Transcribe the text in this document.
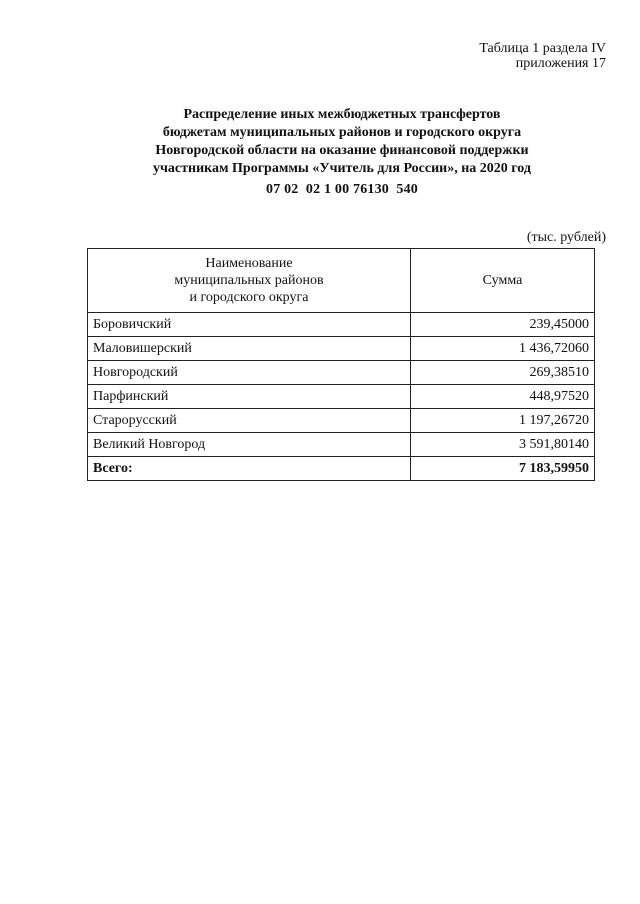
Таблица 1 раздела IV
приложения 17
Распределение иных межбюджетных трансфертов
бюджетам муниципальных районов и городского округа
Новгородской области на оказание финансовой поддержки
участникам Программы «Учитель для России», на 2020 год
07 02  02 1 00 76130  540
(тыс. рублей)
Наименование
муниципальных районов
и городского округа	Сумма
Боровичский	239,45000
Маловишерский	1 436,72060
Новгородский	269,38510
Парфинский	448,97520
Старорусский	1 197,26720
Великий Новгород	3 591,80140
Всего:	7 183,59950
